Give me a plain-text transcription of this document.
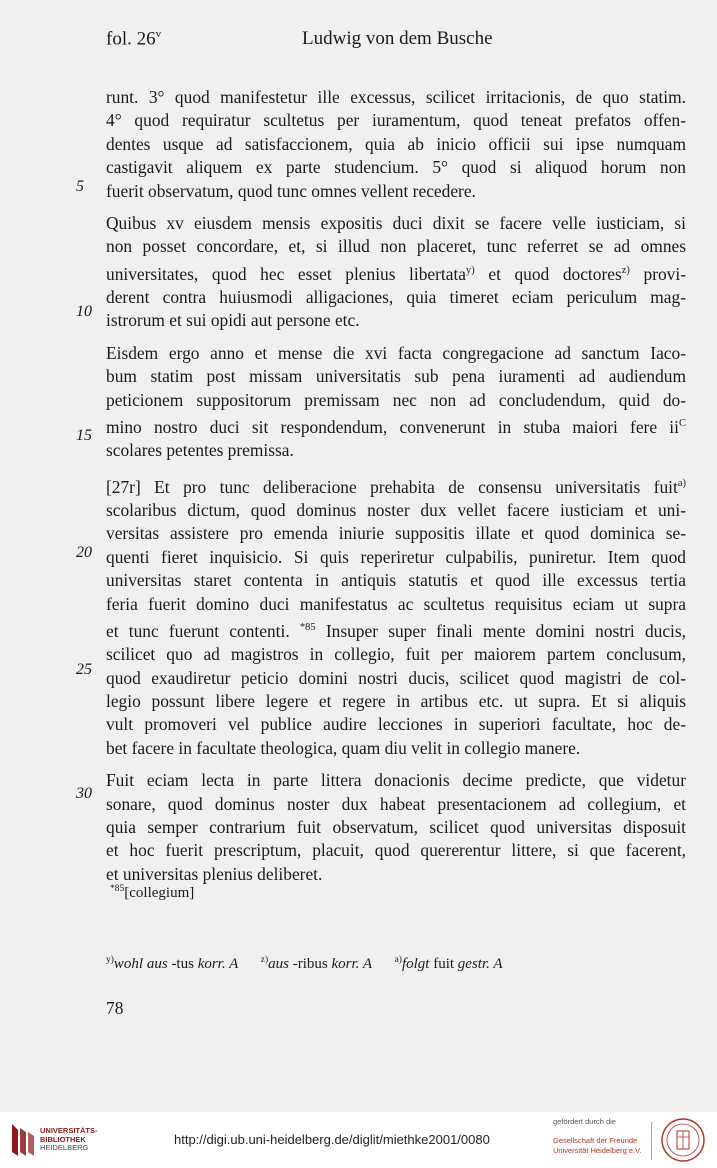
fol. 26$^v$	Ludwig von dem Busche
5
10
15
20
25
30
runt. 3° quod manifestetur ille excessus, scilicet irritacionis, de quo statim.
4° quod requiratur scultetus per iuramentum, quod teneat prefatos offen-
dentes usque ad satisfaccionem, quia ab inicio officii sui ipse numquam
castigavit aliquem ex parte studencium. 5° quod si aliquod horum non
fuerit observatum, quod tunc omnes vellent recedere.
Quibus xv eiusdem mensis expositis duci dixit se facere velle iusticiam, si
non posset concordare, et, si illud non placeret, tunc referret se ad omnes
universitates, quod hec esset plenius libertata$^{y)}$ et quod doctores$^{z)}$ provi-
derent contra huiusmodi alligaciones, quia timeret eciam periculum mag-
istrorum et sui opidi aut persone etc.
Eisdem ergo anno et mense die xvi facta congregacione ad sanctum Iaco-
bum statim post missam universitatis sub pena iuramenti ad audiendum
peticionem suppositorum premissam nec non ad concludendum, quid do-
mino nostro duci sit respondendum, convenerunt in stuba maiori fere ii$^C$
scolares petentes premissa.
[27r] Et pro tunc deliberacione prehabita de consensu universitatis fuit$^{a)}$
scolaribus dictum, quod dominus noster dux vellet facere iusticiam et uni-
versitas assistere pro emenda iniurie suppositis illate et quod dominica se-
quenti fieret inquisicio. Si quis reperiretur culpabilis, puniretur. Item quod
universitas staret contenta in antiquis statutis et quod ille excessus tertia
feria fuerit domino duci manifestatus ac scultetus requisitus eciam ut supra
et tunc fuerunt contenti. $^{*85}$ Insuper super finali mente domini nostri ducis,
scilicet quo ad magistros in collegio, fuit per maiorem partem conclusum,
quod exaudiretur peticio domini nostri ducis, scilicet quod magistri de col-
legio possunt libere legere et regere in artibus etc. ut supra. Et si aliquis
vult promoveri vel publice audire lecciones in superiori facultate, hoc de-
bet facere in facultate theologica, quam diu velit in collegio manere.
Fuit eciam lecta in parte littera donacionis decime predicte, que videtur
sonare, quod dominus noster dux habeat presentacionem ad collegium, et
quia semper contrarium fuit observatum, scilicet quod universitas disposuit
et hoc fuerit prescriptum, placuit, quod quererentur littere, si que facerent,
et universitas plenius deliberet.
$^{*85}$[collegium]
$^{y)}$wohl aus -tus korr. A $^{z)}$aus -ribus korr. A $^{a)}$folgt fuit gestr. A
78
UNIVERSITÄTS-
BIBLIOTHEK
HEIDELBERG
http://digi.ub.uni-heidelberg.de/diglit/miethke2001/0080
gefördert durch die
Gesellschaft der Freunde
Universität Heidelberg e.V.
